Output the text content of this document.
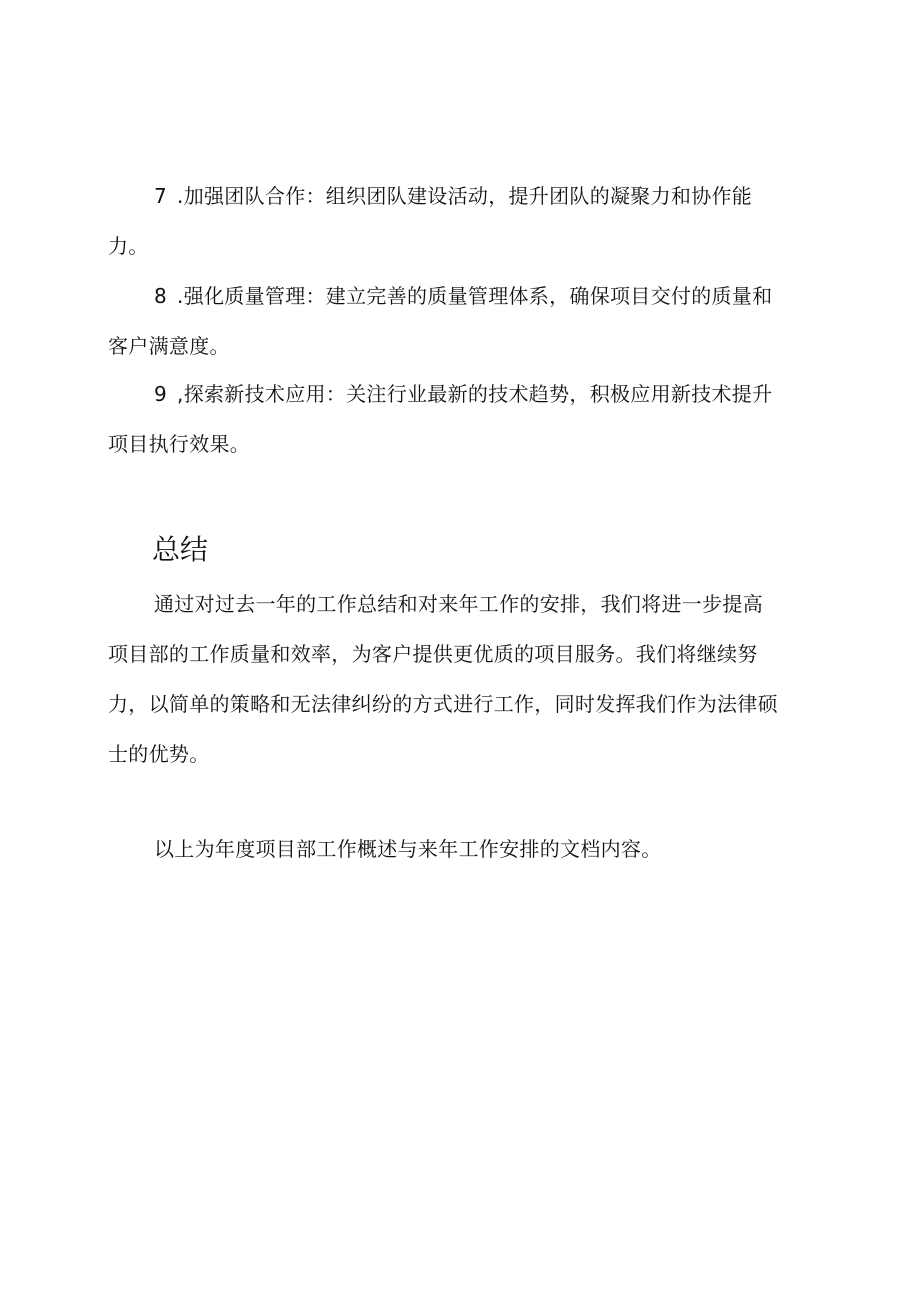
7 .加强团队合作：组织团队建设活动，提升团队的凝聚力和协作能
力。
8 .强化质量管理：建立完善的质量管理体系，确保项目交付的质量和
客户满意度。
9 ,探索新技术应用：关注行业最新的技术趋势，积极应用新技术提升
项目执行效果。
总结
通过对过去一年的工作总结和对来年工作的安排，我们将进一步提高
项目部的工作质量和效率，为客户提供更优质的项目服务。我们将继续努
力，以简单的策略和无法律纠纷的方式进行工作，同时发挥我们作为法律硕
士的优势。
以上为年度项目部工作概述与来年工作安排的文档内容。
